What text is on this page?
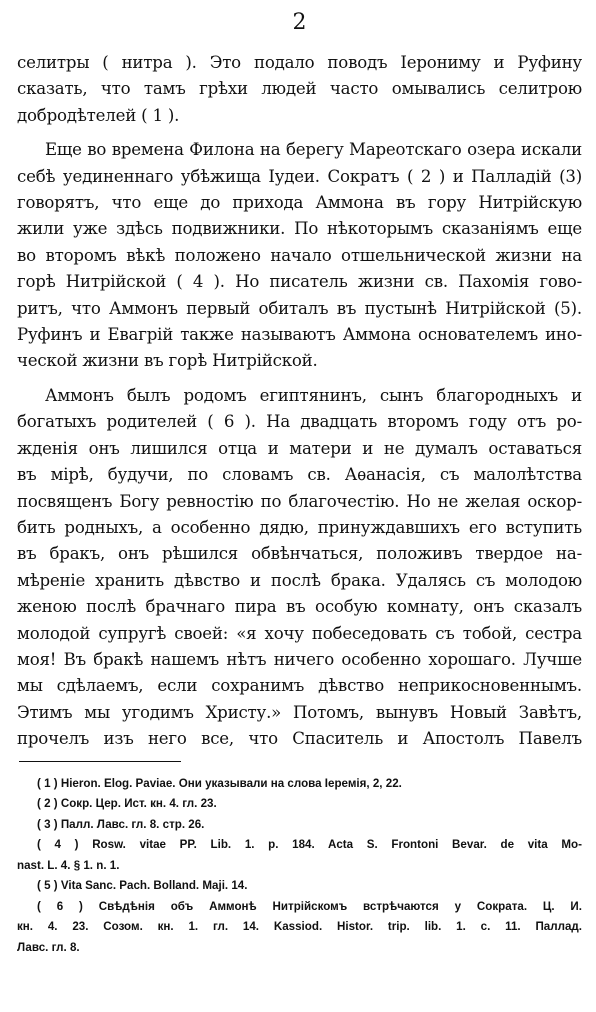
2
селитры ( нитра ). Это подало поводъ Іерониму и Руфину
сказать, что тамъ грѣхи людей часто омывались селитрою
добродѣтелей ( 1 ).
Еще во времена Филона на берегу Мареотскаго озера искали
себѣ уединеннаго убѣжища Іудеи. Сократъ ( 2 ) и Палладій (3)
говорятъ, что еще до прихода Аммона въ гору Нитрійскую
жили уже здѣсь подвижники. По нѣкоторымъ сказаніямъ еще
во второмъ вѣкѣ положено начало отшельнической жизни на
горѣ Нитрійской ( 4 ). Но писатель жизни св. Пахомія гово-
ритъ, что Аммонъ первый обиталъ въ пустынѣ Нитрійской (5).
Руфинъ и Евагрій также называютъ Аммона основателемъ ино-
ческой жизни въ горѣ Нитрійской.
Аммонъ былъ родомъ египтянинъ, сынъ благородныхъ и
богатыхъ родителей ( 6 ). На двадцать второмъ году отъ ро-
жденія онъ лишился отца и матери и не думалъ оставаться
въ мірѣ, будучи, по словамъ св. Аѳанасія, съ малолѣтства
посвященъ Богу ревностію по благочестію. Но не желая оскор-
бить родныхъ, а особенно дядю, принуждавшихъ его вступить
въ бракъ, онъ рѣшился обвѣнчаться, положивъ твердое на-
мѣреніе хранить дѣвство и послѣ брака. Удалясь съ молодою
женою послѣ брачнаго пира въ особую комнату, онъ сказалъ
молодой супругѣ своей: «я хочу побеседовать съ тобой, сестра
моя! Въ бракѣ нашемъ нѣтъ ничего особенно хорошаго. Лучше
мы сдѣлаемъ, если сохранимъ дѣвство неприкосновеннымъ.
Этимъ мы угодимъ Христу.» Потомъ, вынувъ Новый Завѣтъ,
прочелъ изъ него все, что Спаситель и Апостолъ Павелъ
( 1 ) Hieron. Elog. Paviae. Они указывали на слова Іеремія, 2, 22.
( 2 ) Сокр. Цер. Ист. кн. 4. гл. 23.
( 3 ) Палл. Лавс. гл. 8. стр. 26.
( 4 ) Rosw. vitae PP. Lib. 1. p. 184. Acta S. Frontoni Bevar. de vita Mo-
nast. L. 4. § 1. n. 1.
( 5 ) Vita Sanc. Pach. Bolland. Maji. 14.
( 6 ) Свѣдѣнія объ Аммонѣ Нитрійскомъ встрѣчаются у Сократа. Ц. И.
кн. 4. 23. Созом. кн. 1. гл. 14. Kassiod. Histor. trip. lib. 1. c. 11. Паллад.
Лавс. гл. 8.
